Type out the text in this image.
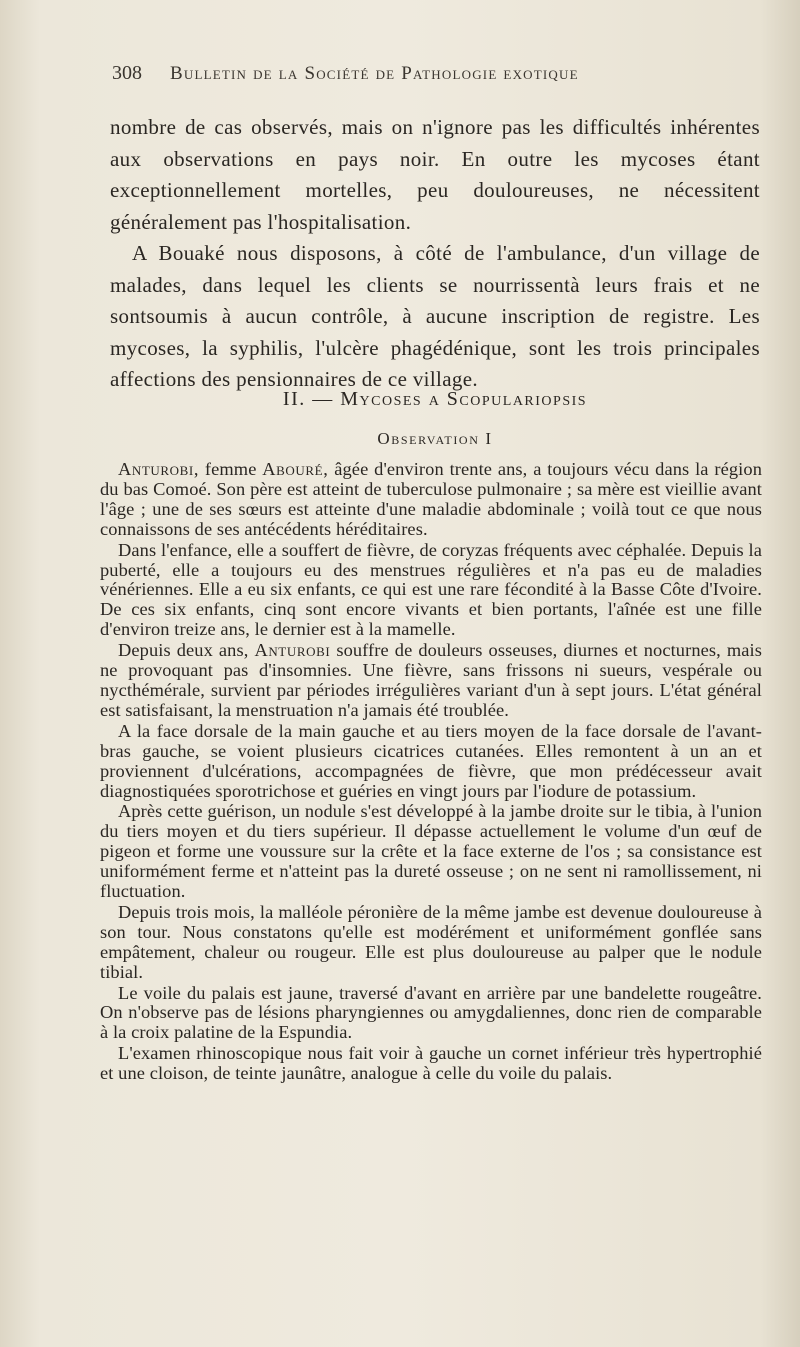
308 Bulletin de la Société de Pathologie exotique

nombre de cas observés, mais on n'ignore pas les difficultés inhérentes aux observations en pays noir. En outre les mycoses étant exceptionnellement mortelles, peu douloureuses, ne nécessitent généralement pas l'hospitalisation.

A Bouaké nous disposons, à côté de l'ambulance, d'un village de malades, dans lequel les clients se nourrissentà leurs frais et ne sontsoumis à aucun contrôle, à aucune inscription de registre. Les mycoses, la syphilis, l'ulcère phagédénique, sont les trois principales affections des pensionnaires de ce village.

II. — Mycoses a Scopulariopsis
Observation I

Anturobi, femme Abouré, âgée d'environ trente ans, a toujours vécu dans la région du bas Comoé. Son père est atteint de tuberculose pulmonaire ; sa mère est vieillie avant l'âge ; une de ses sœurs est atteinte d'une maladie abdominale ; voilà tout ce que nous connaissons de ses antécédents héréditaires.

Dans l'enfance, elle a souffert de fièvre, de coryzas fréquents avec céphalée. Depuis la puberté, elle a toujours eu des menstrues régulières et n'a pas eu de maladies vénériennes. Elle a eu six enfants, ce qui est une rare fécondité à la Basse Côte d'Ivoire. De ces six enfants, cinq sont encore vivants et bien portants, l'aînée est une fille d'environ treize ans, le dernier est à la mamelle.

Depuis deux ans, Anturobi souffre de douleurs osseuses, diurnes et nocturnes, mais ne provoquant pas d'insomnies. Une fièvre, sans frissons ni sueurs, vespérale ou nycthémérale, survient par périodes irrégulières variant d'un à sept jours. L'état général est satisfaisant, la menstruation n'a jamais été troublée.

A la face dorsale de la main gauche et au tiers moyen de la face dorsale de l'avant-bras gauche, se voient plusieurs cicatrices cutanées. Elles remontent à un an et proviennent d'ulcérations, accompagnées de fièvre, que mon prédécesseur avait diagnostiquées sporotrichose et guéries en vingt jours par l'iodure de potassium.

Après cette guérison, un nodule s'est développé à la jambe droite sur le tibia, à l'union du tiers moyen et du tiers supérieur. Il dépasse actuellement le volume d'un œuf de pigeon et forme une voussure sur la crête et la face externe de l'os ; sa consistance est uniformément ferme et n'atteint pas la dureté osseuse ; on ne sent ni ramollissement, ni fluctuation.

Depuis trois mois, la malléole péronière de la même jambe est devenue douloureuse à son tour. Nous constatons qu'elle est modérément et uniformément gonflée sans empâtement, chaleur ou rougeur. Elle est plus douloureuse au palper que le nodule tibial.

Le voile du palais est jaune, traversé d'avant en arrière par une bandelette rougeâtre. On n'observe pas de lésions pharyngiennes ou amygdaliennes, donc rien de comparable à la croix palatine de la Espundia.

L'examen rhinoscopique nous fait voir à gauche un cornet inférieur très hypertrophié et une cloison, de teinte jaunâtre, analogue à celle du voile du palais.
